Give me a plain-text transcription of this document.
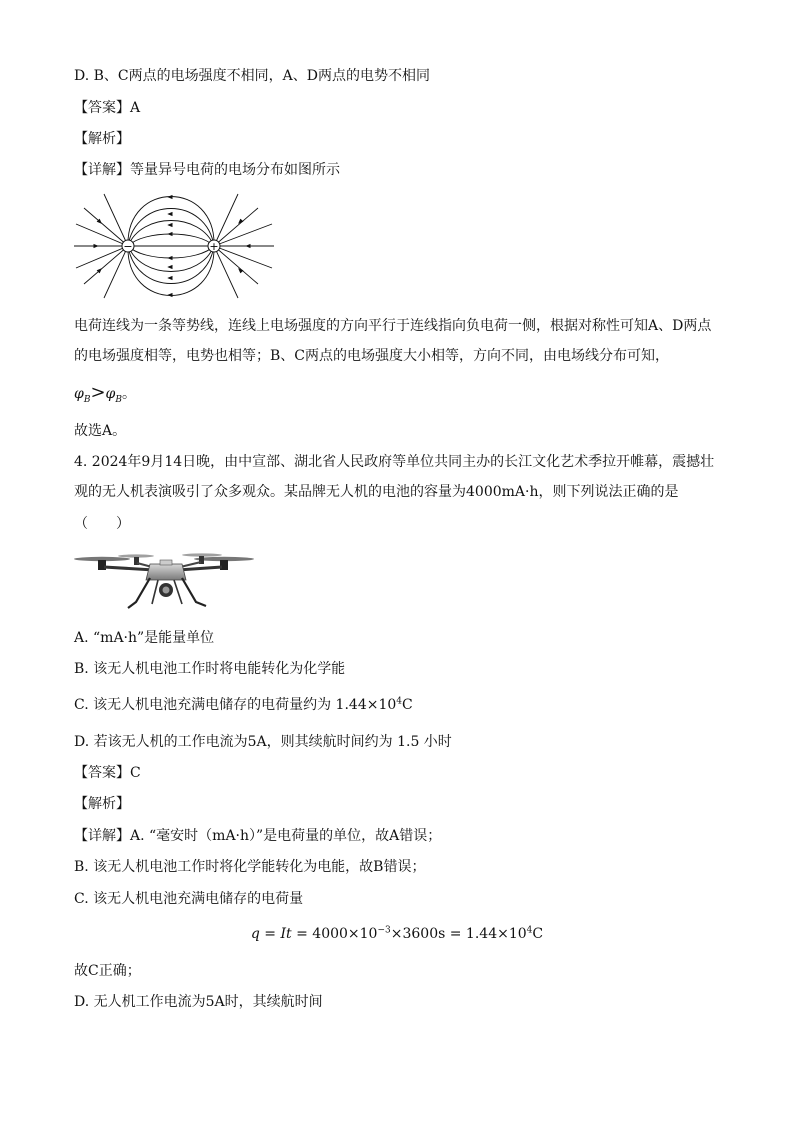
D. B、C两点的电场强度不相同，A、D两点的电势不相同
【答案】A
【解析】
【详解】等量异号电荷的电场分布如图所示
−	+
电荷连线为一条等势线，连线上电场强度的方向平行于连线指向负电荷一侧，根据对称性可知A、D两点
的电场强度相等，电势也相等；B、C两点的电场强度大小相等，方向不同，由电场线分布可知，
$\varphi_B>\varphi_B$。
故选A。
4. 2024年9月14日晚，由中宣部、湖北省人民政府等单位共同主办的长江文化艺术季拉开帷幕，震撼壮
观的无人机表演吸引了众多观众。某品牌无人机的电池的容量为4000mA·h，则下列说法正确的是
（　　）
A. “mA·h”是能量单位
B. 该无人机电池工作时将电能转化为化学能
C. 该无人机电池充满电储存的电荷量约为 $1.44\times 10^4C$
D. 若该无人机的工作电流为5A，则其续航时间约为 1.5 小时
【答案】C
【解析】
【详解】A. “毫安时（mA·h）”是电荷量的单位，故A错误；
B. 该无人机电池工作时将化学能转化为电能，故B错误；
C. 该无人机电池充满电储存的电荷量
$q = It = 4000\times 10^{-3}\times 3600s = 1.44\times 10^4C$
故C正确；
D. 无人机工作电流为5A时，其续航时间
